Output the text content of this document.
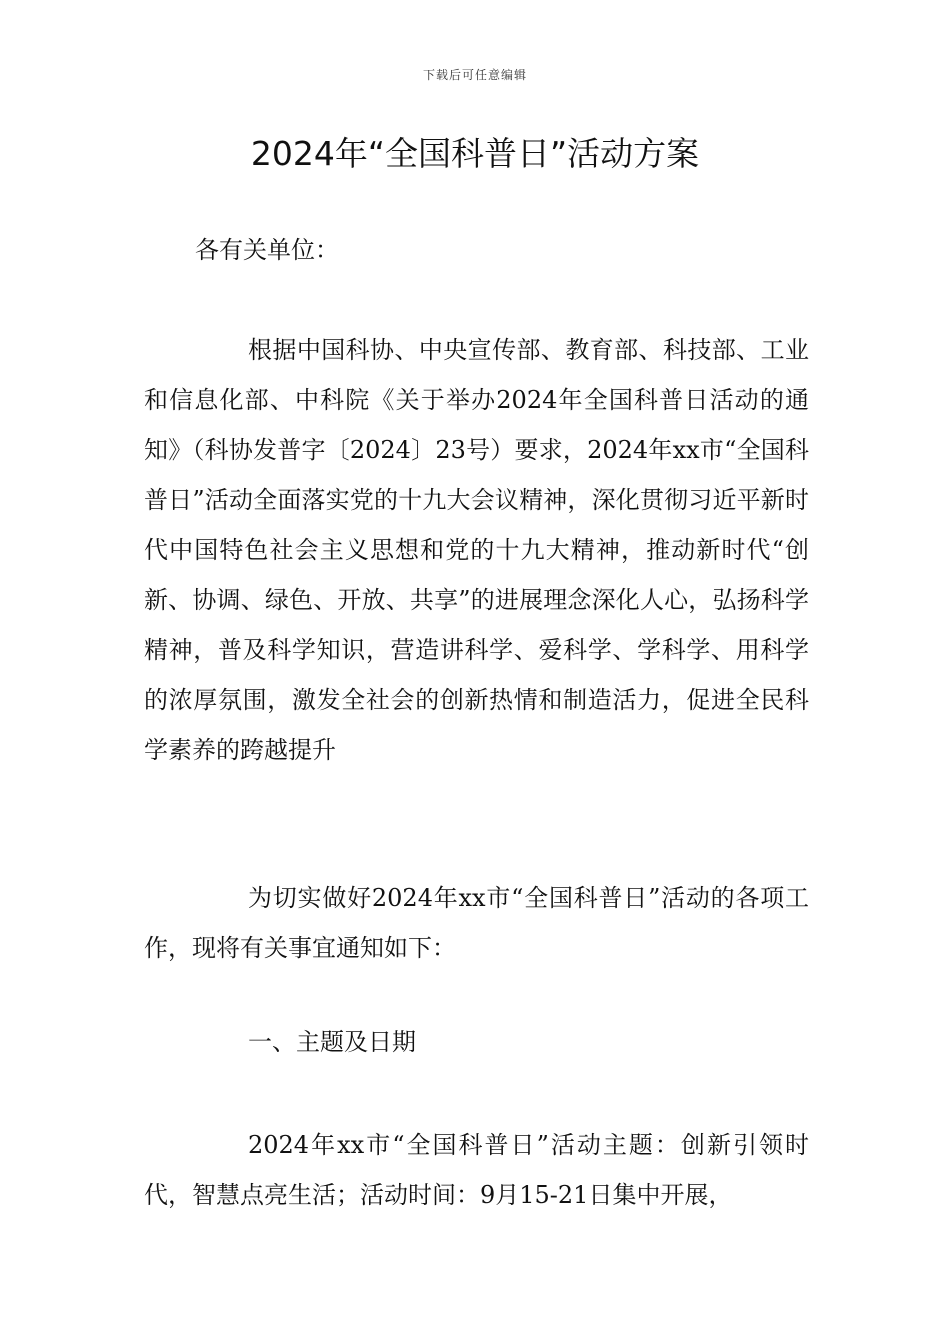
下载后可任意编辑
2024年“全国科普日”活动方案

各有关单位：

根据中国科协、中央宣传部、教育部、科技部、工业和信息化部、中科院《关于举办2024年全国科普日活动的通知》（科协发普字〔2024〕23号）要求，2024年xx市“全国科普日”活动全面落实党的十九大会议精神，深化贯彻习近平新时代中国特色社会主义思想和党的十九大精神，推动新时代“创新、协调、绿色、开放、共享”的进展理念深化人心，弘扬科学精神，普及科学知识，营造讲科学、爱科学、学科学、用科学的浓厚氛围，激发全社会的创新热情和制造活力，促进全民科学素养的跨越提升

为切实做好2024年xx市“全国科普日”活动的各项工作，现将有关事宜通知如下：

一、主题及日期

2024年xx市“全国科普日”活动主题：创新引领时代，智慧点亮生活；活动时间：9月15-21日集中开展，
